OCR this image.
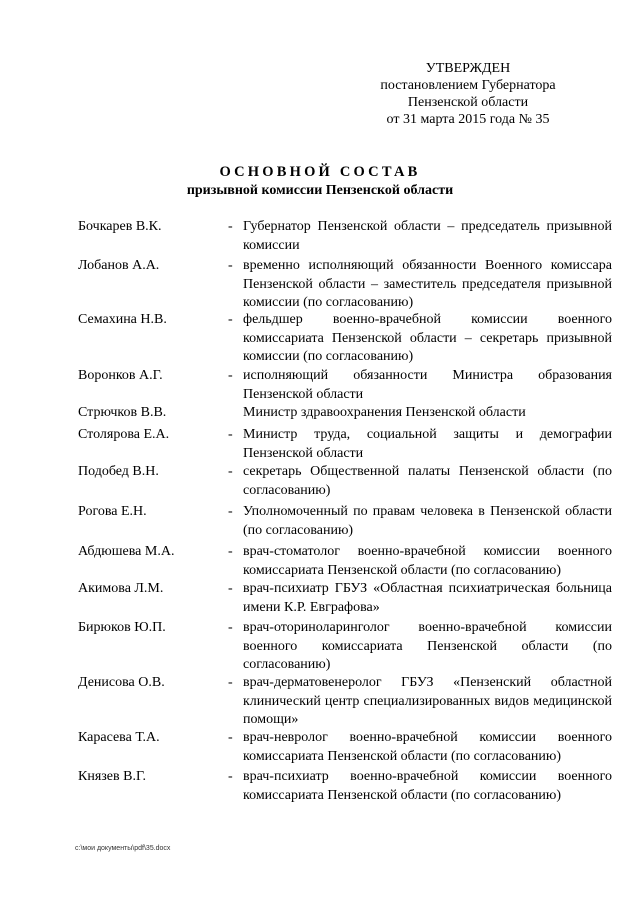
УТВЕРЖДЕН
постановлением Губернатора
Пензенской области
от 31 марта 2015 года № 35
ОСНОВНОЙ СОСТАВ
призывной комиссии Пензенской области
Бочкарев В.К.	- Губернатор Пензенской области – председатель призывной комиссии
Лобанов А.А.	- временно исполняющий обязанности Военного комиссара Пензенской области – заместитель председателя призывной комиссии (по согласованию)
Семахина Н.В.	- фельдшер военно-врачебной комиссии военного комиссариата Пензенской области – секретарь призывной комиссии (по согласованию)
Воронков А.Г.	- исполняющий обязанности Министра образования Пензенской области
Стрючков В.В.	Министр здравоохранения Пензенской области
Столярова Е.А.	- Министр труда, социальной защиты и демографии Пензенской области
Подобед В.Н.	- секретарь Общественной палаты Пензенской области (по согласованию)
Рогова Е.Н.	- Уполномоченный по правам человека в Пензенской области (по согласованию)
Абдюшева М.А.	- врач-стоматолог военно-врачебной комиссии военного комиссариата Пензенской области (по согласованию)
Акимова Л.М.	- врач-психиатр ГБУЗ «Областная психиатрическая больница имени К.Р. Евграфова»
Бирюков Ю.П.	- врач-оториноларинголог военно-врачебной комиссии военного комиссариата Пензенской области (по согласованию)
Денисова О.В.	- врач-дерматовенеролог ГБУЗ «Пензенский областной клинический центр специализированных видов медицинской помощи»
Карасева Т.А.	- врач-невролог военно-врачебной комиссии военного комиссариата Пензенской области (по согласованию)
Князев В.Г.	- врач-психиатр военно-врачебной комиссии военного комиссариата Пензенской области (по согласованию)
c:\мои документы\pdf\35.docx
